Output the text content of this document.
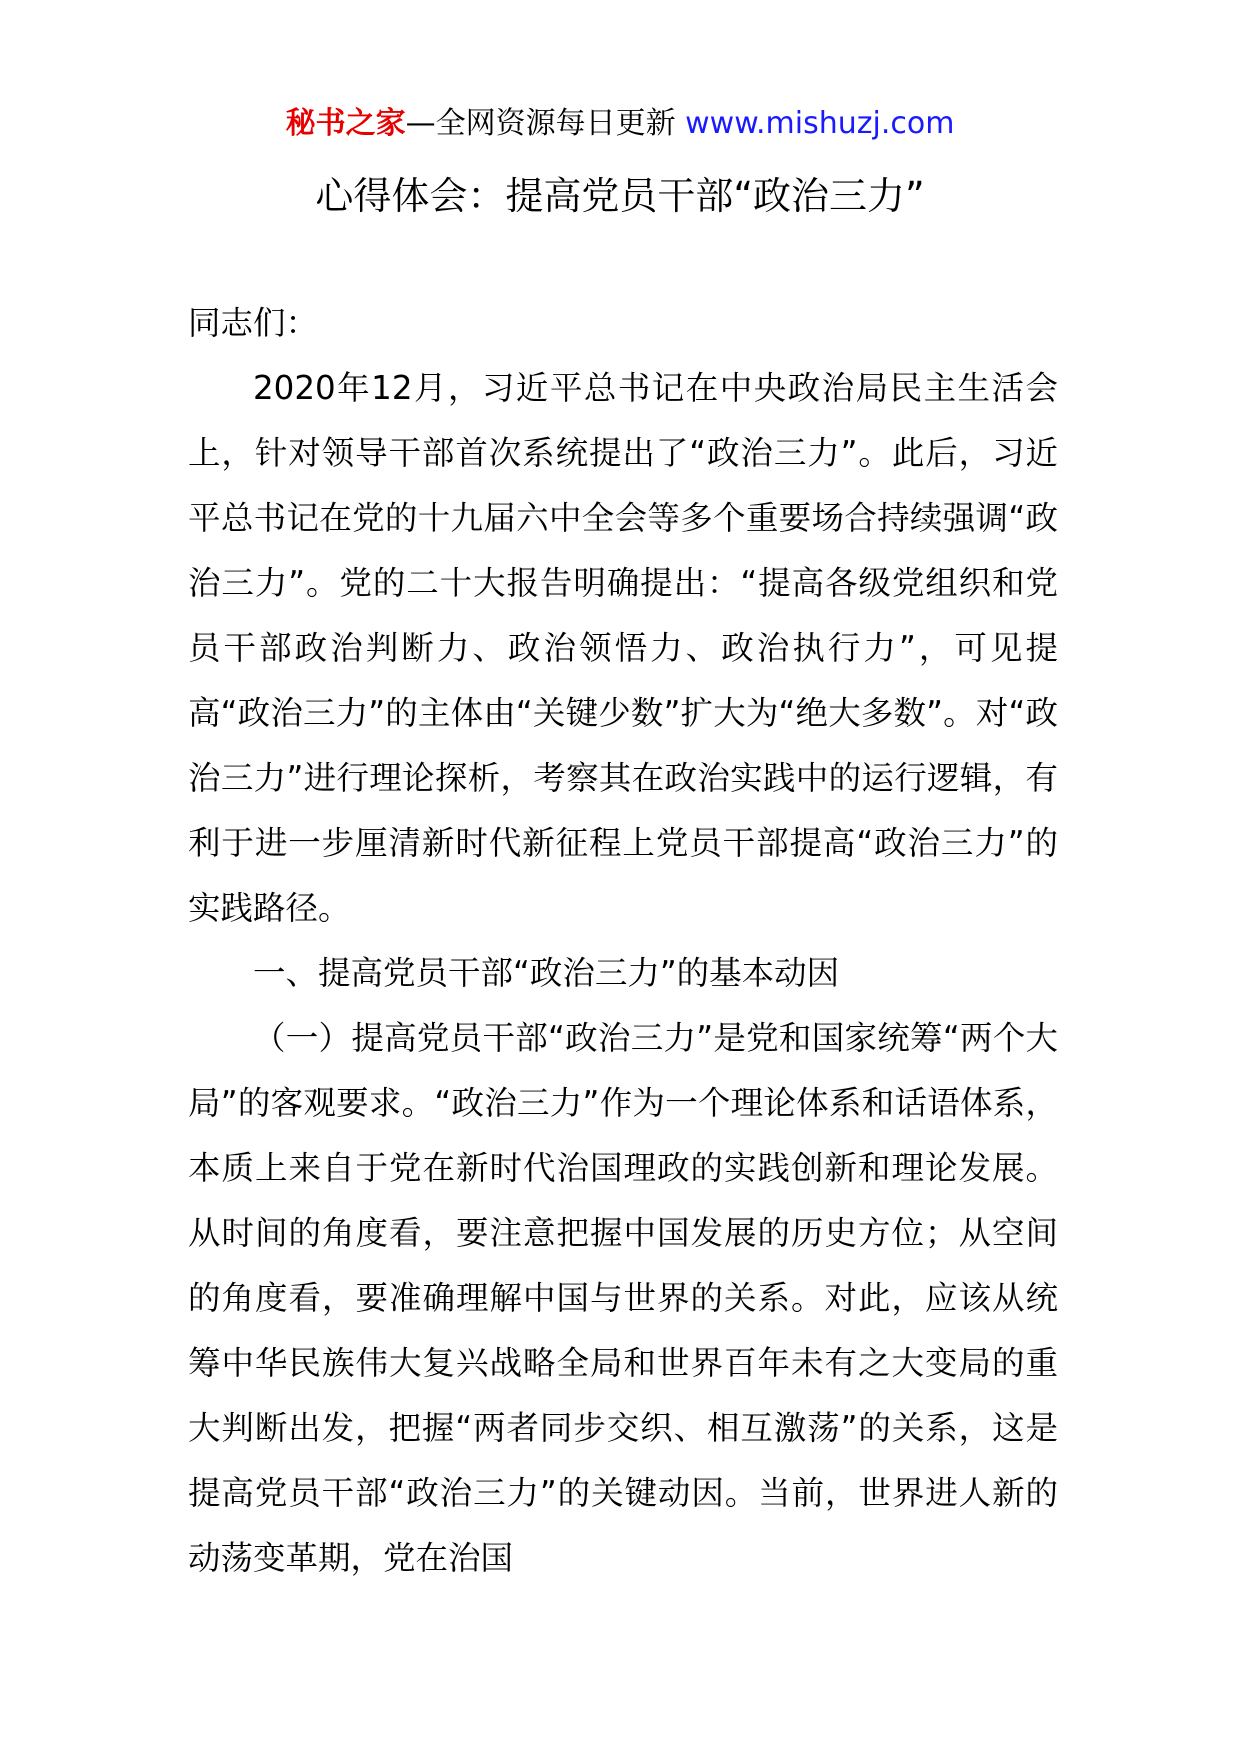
秘书之家—全网资源每日更新 www.mishuzj.com
心得体会：提高党员干部“政治三力”

同志们：

2020年12月，习近平总书记在中央政治局民主生活会上，针对领导干部首次系统提出了“政治三力”。此后，习近平总书记在党的十九届六中全会等多个重要场合持续强调“政治三力”。党的二十大报告明确提出：“提高各级党组织和党员干部政治判断力、政治领悟力、政治执行力”，可见提高“政治三力”的主体由“关键少数”扩大为“绝大多数”。对“政治三力”进行理论探析，考察其在政治实践中的运行逻辑，有利于进一步厘清新时代新征程上党员干部提高“政治三力”的实践路径。

一、提高党员干部“政治三力”的基本动因

（一）提高党员干部“政治三力”是党和国家统筹“两个大局”的客观要求。“政治三力”作为一个理论体系和话语体系，本质上来自于党在新时代治国理政的实践创新和理论发展。从时间的角度看，要注意把握中国发展的历史方位；从空间的角度看，要准确理解中国与世界的关系。对此，应该从统筹中华民族伟大复兴战略全局和世界百年未有之大变局的重大判断出发，把握“两者同步交织、相互激荡”的关系，这是提高党员干部“政治三力”的关键动因。当前，世界进人新的动荡变革期，党在治国
